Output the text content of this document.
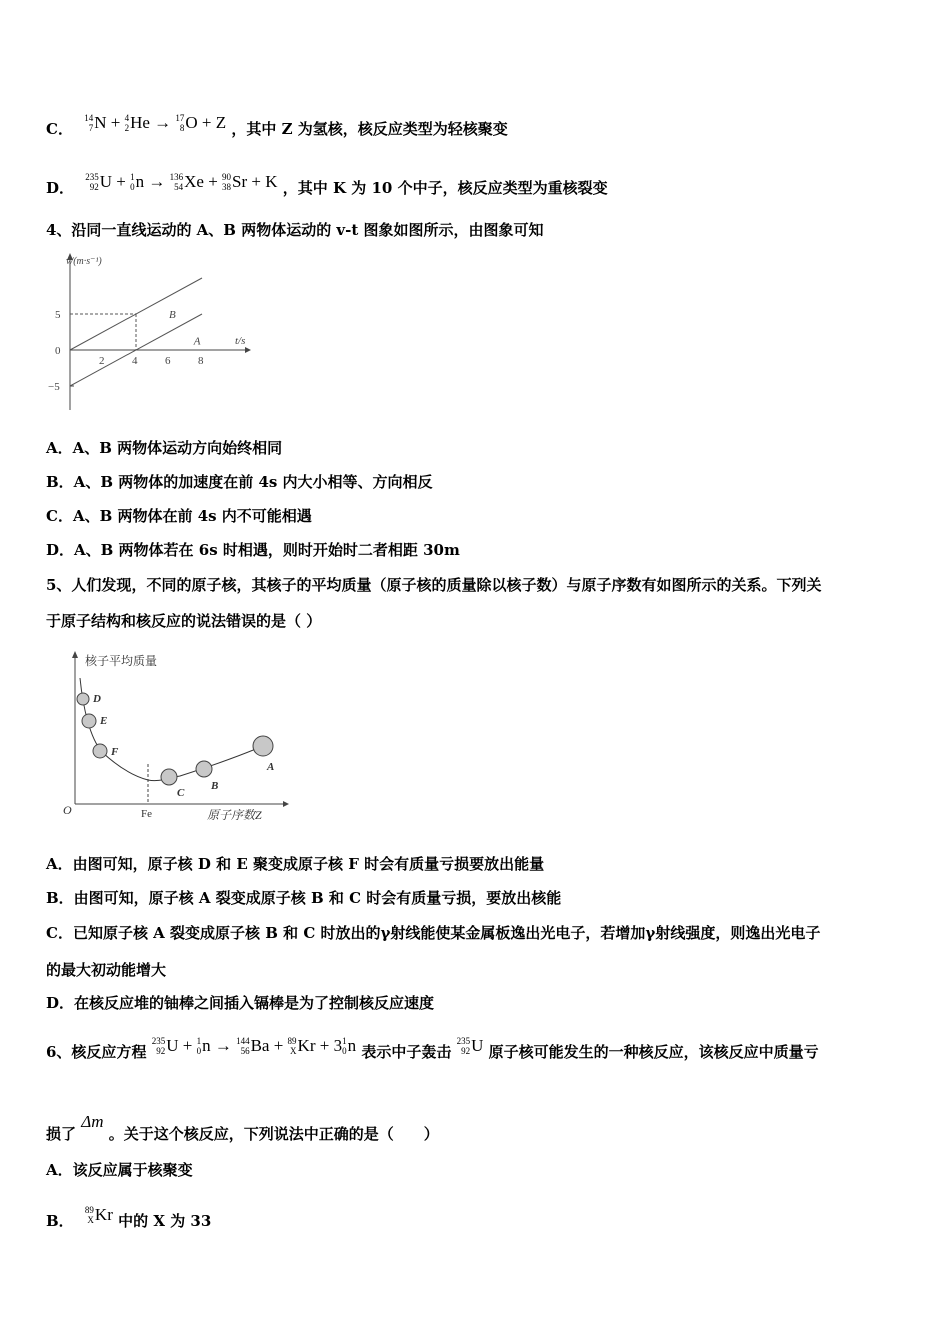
C．
14
7 N + 4
2 He → 17
8 O + Z ，其中 Z 为氢核，核反应类型为轻核聚变
D．
235
92 U + 1
0 n → 136
54 Xe + 90
38 Sr + K ，其中 K 为 10 个中子，核反应类型为重核裂变
4、沿同一直线运动的 A、B 两物体运动的 v-t 图象如图所示，由图象可知
v/(m·s⁻¹)
t/s
2	4	6	8
5
0
−5
B
A
A．A、B 两物体运动方向始终相同
B．A、B 两物体的加速度在前 4s 内大小相等、方向相反
C．A、B 两物体在前 4s 内不可能相遇
D．A、B 两物体若在 6s 时相遇，则时开始时二者相距 30m
5、人们发现，不同的原子核，其核子的平均质量（原子核的质量除以核子数）与原子序数有如图所示的关系。下列关
于原子结构和核反应的说法错误的是（ ）
核子平均质量
原子序数Z
O	Fe
D
E
F
C
B
A
A．由图可知，原子核 D 和 E 聚变成原子核 F 时会有质量亏损要放出能量
B．由图可知，原子核 A 裂变成原子核 B 和 C 时会有质量亏损，要放出核能
C．已知原子核 A 裂变成原子核 B 和 C 时放出的γ射线能使某金属板逸出光电子，若增加γ射线强度，则逸出光电子
的最大初动能增大
D．在核反应堆的铀棒之间插入镉棒是为了控制核反应速度
6、核反应方程
235
92 U + 1
0 n → 144
56 Ba + 89
X Kr + 3 1
0 n 表示中子轰击
235
92 U 原子核可能发生的一种核反应，该核反应中质量亏
损了 Δm 。关于这个核反应，下列说法中正确的是（　　）
A．该反应属于核聚变
B．
89
X Kr 中的 X 为 33
